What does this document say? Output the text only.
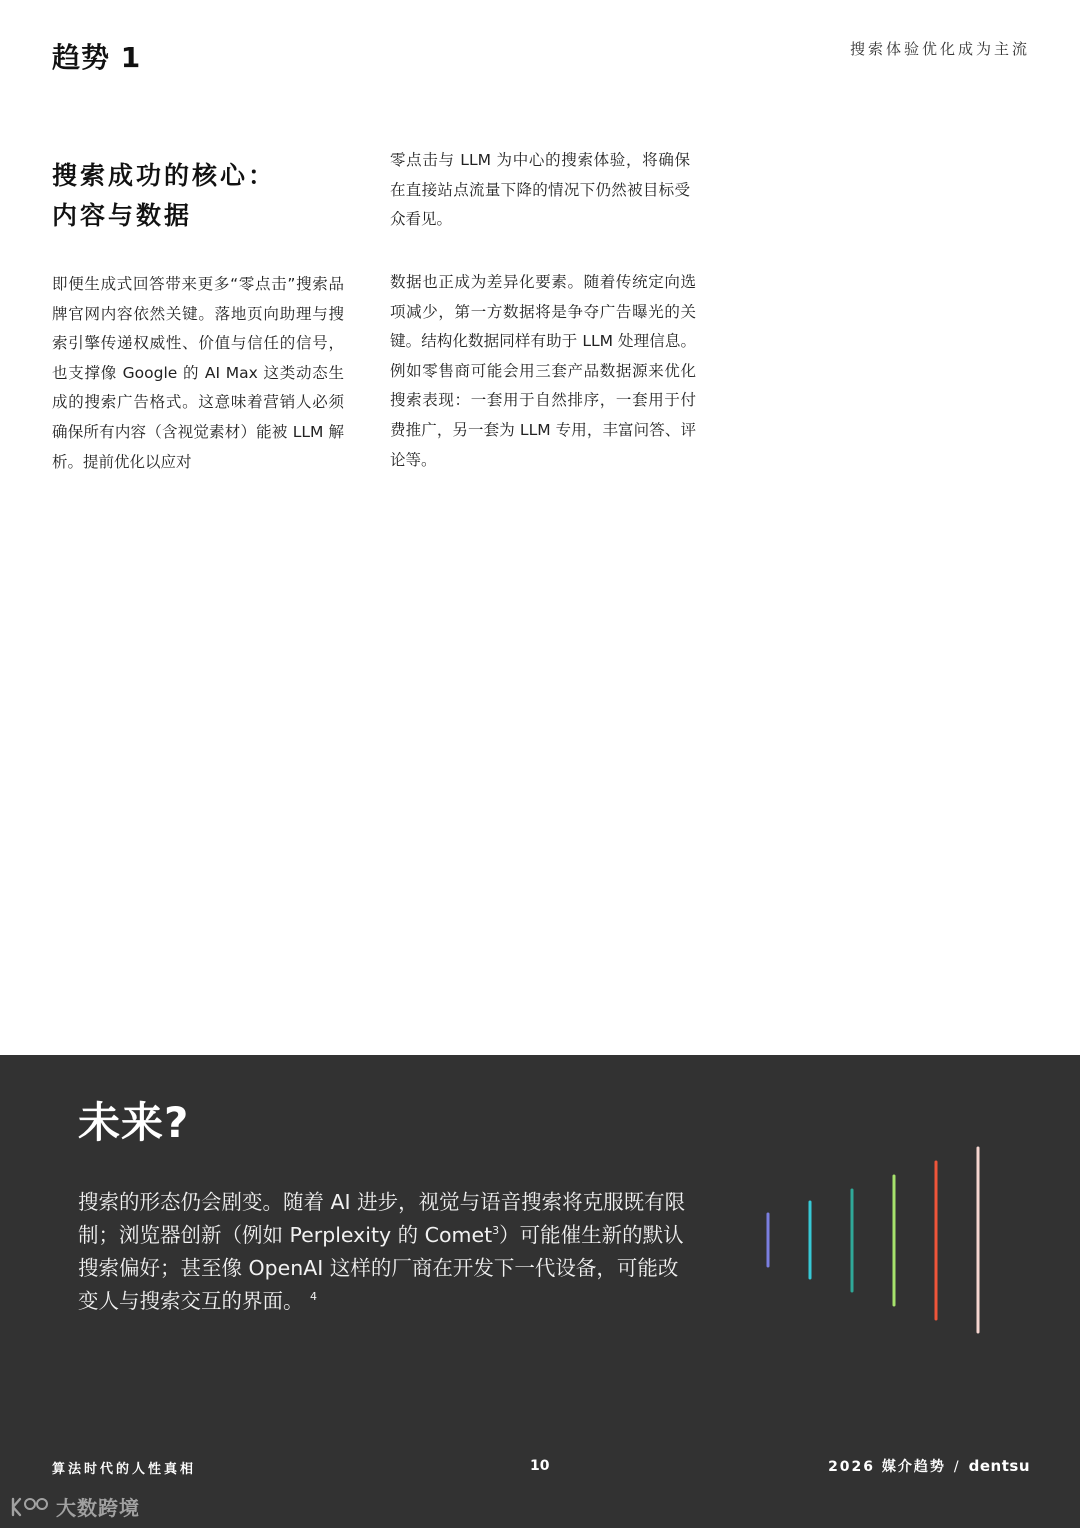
趋势 1	搜索体验优化成为主流
搜索成功的核心：
内容与数据
即便生成式回答带来更多“零点击”搜索品牌官网内容依然关键。落地页向助理与搜索引擎传递权威性、价值与信任的信号，也支撑像 Google 的 AI Max 这类动态生成的搜索广告格式。这意味着营销人必须确保所有内容（含视觉素材）能被 LLM 解析。提前优化以应对
零点击与 LLM 为中心的搜索体验，将确保在直接站点流量下降的情况下仍然被目标受众看见。
数据也正成为差异化要素。随着传统定向选项减少，第一方数据将是争夺广告曝光的关键。结构化数据同样有助于 LLM 处理信息。例如零售商可能会用三套产品数据源来优化搜索表现：一套用于自然排序，一套用于付费推广，另一套为 LLM 专用，丰富问答、评论等。
未来?
搜索的形态仍会剧变。随着 AI 进步，视觉与语音搜索将克服既有限制；浏览器创新（例如 Perplexity 的 Comet$^3$）可能催生新的默认搜索偏好；甚至像 OpenAI 这样的厂商在开发下一代设备，可能改变人与搜索交互的界面。 $^4$
算法时代的人性真相	10	2026 媒介趋势 / dentsu
大数跨境
